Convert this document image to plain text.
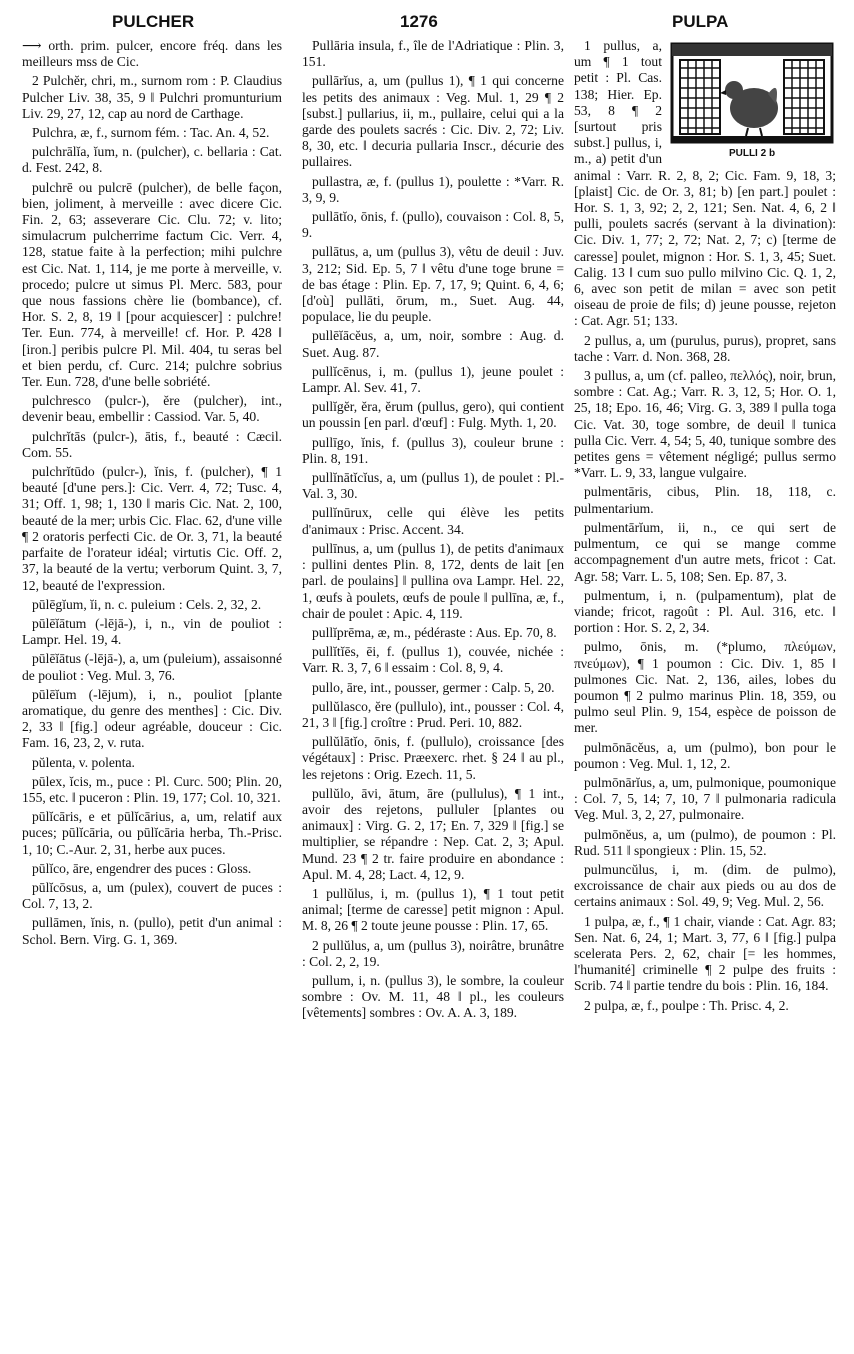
PULCHER	1276	PULPA

⟶ orth. prim. pulcer, encore fréq. dans les meilleurs mss de Cic.

2 Pulchĕr, chri, m., surnom rom : P. Claudius Pulcher Liv. 38, 35, 9 ‖ Pulchri promunturium Liv. 29, 27, 12, cap au nord de Carthage.

Pulchra, æ, f., surnom fém. : Tac. An. 4, 52.

pulchrālĭa, ĭum, n. (pulcher), c. bellaria : Cat. d. Fest. 242, 8.

pulchrē ou pulcrē (pulcher), de belle façon, bien, joliment, à merveille : avec dicere Cic. Fin. 2, 63; asseverare Cic. Clu. 72; v. lito; simulacrum pulcherrime factum Cic. Verr. 4, 128, statue faite à la perfection; mihi pulchre est Cic. Nat. 1, 114, je me porte à merveille, v. procedo; pulcre ut simus Pl. Merc. 583, pour que nous fassions chère lie (bombance), cf. Hor. S. 2, 8, 19 ‖ [pour acquiescer] : pulchre! Ter. Eun. 774, à merveille! cf. Hor. P. 428 ‖ [iron.] peribis pulcre Pl. Mil. 404, tu seras bel et bien perdu, cf. Curc. 214; pulchre sobrius Ter. Eun. 728, d'une belle sobriété.

pulchresco (pulcr-), ĕre (pulcher), int., devenir beau, embellir : Cassiod. Var. 5, 40.

pulchrĭtās (pulcr-), ātis, f., beauté : Cæcil. Com. 55.

pulchrĭtūdo (pulcr-), ĭnis, f. (pulcher), ¶ 1 beauté [d'une pers.]: Cic. Verr. 4, 72; Tusc. 4, 31; Off. 1, 98; 1, 130 ‖ maris Cic. Nat. 2, 100, beauté de la mer; urbis Cic. Flac. 62, d'une ville ¶ 2 oratoris perfecti Cic. de Or. 3, 71, la beauté parfaite de l'orateur idéal; virtutis Cic. Off. 2, 37, la beauté de la vertu; verborum Quint. 3, 7, 12, beauté de l'expression.

pūlēgĭum, ĭi, n. c. puleium : Cels. 2, 32, 2.

pūlēĭātum (-lējā-), i, n., vin de pouliot : Lampr. Hel. 19, 4.

pūlēĭātus (-lējā-), a, um (puleium), assaisonné de pouliot : Veg. Mul. 3, 76.

pūlēĭum (-lējum), i, n., pouliot [plante aromatique, du genre des menthes] : Cic. Div. 2, 33 ‖ [fig.] odeur agréable, douceur : Cic. Fam. 16, 23, 2, v. ruta.

pŭlenta, v. polenta.

pūlex, ĭcis, m., puce : Pl. Curc. 500; Plin. 20, 155, etc. ‖ puceron : Plin. 19, 177; Col. 10, 321.

pūlĭcāris, e et pūlĭcārius, a, um, relatif aux puces; pūlĭcāria, ou pūlĭcāria herba, Th.-Prisc. 1, 10; C.-Aur. 2, 31, herbe aux puces.

pūlĭco, āre, engendrer des puces : Gloss.

pūlĭcōsus, a, um (pulex), couvert de puces : Col. 7, 13, 2.

pullāmen, ĭnis, n. (pullo), petit d'un animal : Schol. Bern. Virg. G. 1, 369.

Pullāria insula, f., île de l'Adriatique : Plin. 3, 151.

pullārĭus, a, um (pullus 1), ¶ 1 qui concerne les petits des animaux : Veg. Mul. 1, 29 ¶ 2 [subst.] pullarius, ii, m., pullaire, celui qui a la garde des poulets sacrés : Cic. Div. 2, 72; Liv. 8, 30, etc. ‖ decuria pullaria Inscr., décurie des pullaires.

pullastra, æ, f. (pullus 1), poulette : *Varr. R. 3, 9, 9.

pullātĭo, ōnis, f. (pullo), couvaison : Col. 8, 5, 9.

pullātus, a, um (pullus 3), vêtu de deuil : Juv. 3, 212; Sid. Ep. 5, 7 ‖ vêtu d'une toge brune = de bas étage : Plin. Ep. 7, 17, 9; Quint. 6, 4, 6; [d'où] pullāti, ōrum, m., Suet. Aug. 44, populace, lie du peuple.

pullēĭācĕus, a, um, noir, sombre : Aug. d. Suet. Aug. 87.

pullĭcēnus, i, m. (pullus 1), jeune poulet : Lampr. Al. Sev. 41, 7.

pullĭgĕr, ĕra, ĕrum (pullus, gero), qui contient un poussin [en parl. d'œuf] : Fulg. Myth. 1, 20.

pullīgo, ĭnis, f. (pullus 3), couleur brune : Plin. 8, 191.

pullĭnātĭcĭus, a, um (pullus 1), de poulet : Pl.-Val. 3, 30.

pullĭnūrux, celle qui élève les petits d'animaux : Prisc. Accent. 34.

pullīnus, a, um (pullus 1), de petits d'animaux : pullini dentes Plin. 8, 172, dents de lait [en parl. de poulains] ‖ pullina ova Lampr. Hel. 22, 1, œufs à poulets, œufs de poule ‖ pullīna, æ, f., chair de poulet : Apic. 4, 119.

pullĭprēma, æ, m., pédéraste : Aus. Ep. 70, 8.

pullĭtĭēs, ēi, f. (pullus 1), couvée, nichée : Varr. R. 3, 7, 6 ‖ essaim : Col. 8, 9, 4.

pullo, āre, int., pousser, germer : Calp. 5, 20.

pullŭlasco, ĕre (pullulo), int., pousser : Col. 4, 21, 3 ‖ [fig.] croître : Prud. Peri. 10, 882.

pullŭlātĭo, ōnis, f. (pullulo), croissance [des végétaux] : Prisc. Præexerc. rhet. § 24 ‖ au pl., les rejetons : Orig. Ezech. 11, 5.

pullŭlo, āvi, ātum, āre (pullulus), ¶ 1 int., avoir des rejetons, pulluler [plantes ou animaux] : Virg. G. 2, 17; En. 7, 329 ‖ [fig.] se multiplier, se répandre : Nep. Cat. 2, 3; Apul. Mund. 23 ¶ 2 tr. faire produire en abondance : Apul. M. 4, 28; Lact. 4, 12, 9.

1 pullŭlus, i, m. (pullus 1), ¶ 1 tout petit animal; [terme de caresse] petit mignon : Apul. M. 8, 26 ¶ 2 toute jeune pousse : Plin. 17, 65.

2 pullŭlus, a, um (pullus 3), noirâtre, brunâtre : Col. 2, 2, 19.

pullum, i, n. (pullus 3), le sombre, la couleur sombre : Ov. M. 11, 48 ‖ pl., les couleurs [vêtements] sombres : Ov. A. A. 3, 189.

PULLI 2 b

1 pullus, a, um ¶ 1 tout petit : Pl. Cas. 138; Hier. Ep. 53, 8 ¶ 2 [surtout pris subst.] pullus, i, m., a) petit d'un animal : Varr. R. 2, 8, 2; Cic. Fam. 9, 18, 3; [plaist] Cic. de Or. 3, 81; b) [en part.] poulet : Hor. S. 1, 3, 92; 2, 2, 121; Sen. Nat. 4, 6, 2 ‖ pulli, poulets sacrés (servant à la divination): Cic. Div. 1, 77; 2, 72; Nat. 2, 7; c) [terme de caresse] poulet, mignon : Hor. S. 1, 3, 45; Suet. Calig. 13 ‖ cum suo pullo milvino Cic. Q. 1, 2, 6, avec son petit de milan = avec son petit oiseau de proie de fils; d) jeune pousse, rejeton : Cat. Agr. 51; 133.

2 pullus, a, um (purulus, purus), propret, sans tache : Varr. d. Non. 368, 28.

3 pullus, a, um (cf. palleo, πελλός), noir, brun, sombre : Cat. Ag.; Varr. R. 3, 12, 5; Hor. O. 1, 25, 18; Epo. 16, 46; Virg. G. 3, 389 ‖ pulla toga Cic. Vat. 30, toge sombre, de deuil ‖ tunica pulla Cic. Verr. 4, 54; 5, 40, tunique sombre des petites gens = vêtement négligé; pullus sermo *Varr. L. 9, 33, langue vulgaire.

pulmentāris, cibus, Plin. 18, 118, c. pulmentarium.

pulmentārĭum, ii, n., ce qui sert de pulmentum, ce qui se mange comme accompagnement d'un autre mets, fricot : Cat. Agr. 58; Varr. L. 5, 108; Sen. Ep. 87, 3.

pulmentum, i, n. (pulpamentum), plat de viande; fricot, ragoût : Pl. Aul. 316, etc. ‖ portion : Hor. S. 2, 2, 34.

pulmo, ōnis, m. (*plumo, πλεύμων, πνεύμων), ¶ 1 poumon : Cic. Div. 1, 85 ‖ pulmones Cic. Nat. 2, 136, ailes, lobes du poumon ¶ 2 pulmo marinus Plin. 18, 359, ou pulmo seul Plin. 9, 154, espèce de poisson de mer.

pulmōnācĕus, a, um (pulmo), bon pour le poumon : Veg. Mul. 1, 12, 2.

pulmōnārĭus, a, um, pulmonique, poumonique : Col. 7, 5, 14; 7, 10, 7 ‖ pulmonaria radicula Veg. Mul. 3, 2, 27, pulmonaire.

pulmōnĕus, a, um (pulmo), de poumon : Pl. Rud. 511 ‖ spongieux : Plin. 15, 52.

pulmuncŭlus, i, m. (dim. de pulmo), excroissance de chair aux pieds ou au dos de certains animaux : Sol. 49, 9; Veg. Mul. 2, 56.

1 pulpa, æ, f., ¶ 1 chair, viande : Cat. Agr. 83; Sen. Nat. 6, 24, 1; Mart. 3, 77, 6 ‖ [fig.] pulpa scelerata Pers. 2, 62, chair [= les hommes, l'humanité] criminelle ¶ 2 pulpe des fruits : Scrib. 74 ‖ partie tendre du bois : Plin. 16, 184.

2 pulpa, æ, f., poulpe : Th. Prisc. 4, 2.
